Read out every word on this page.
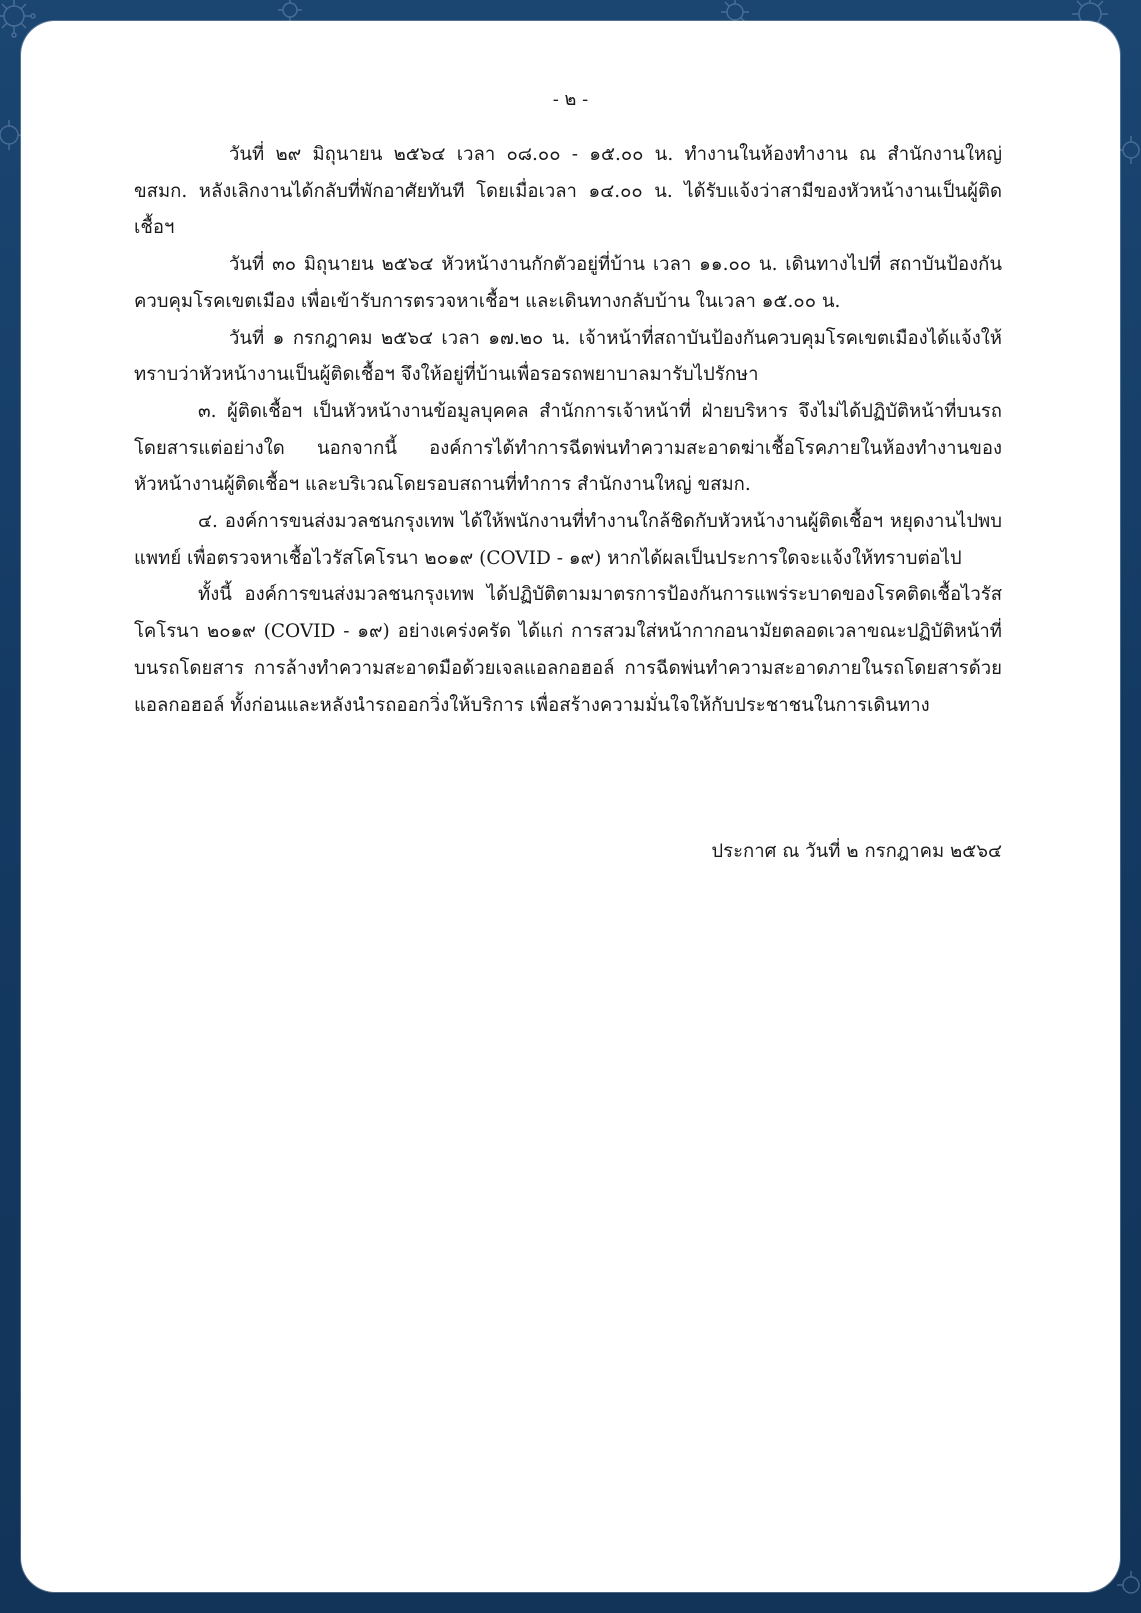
- ๒ -

วันที่ ๒๙ มิถุนายน ๒๕๖๔ เวลา ๐๘.๐๐ - ๑๕.๐๐ น. ทำงานในห้องทำงาน ณ สำนักงานใหญ่ ขสมก. หลังเลิกงานได้กลับที่พักอาศัยทันที โดยเมื่อเวลา ๑๔.๐๐ น. ได้รับแจ้งว่าสามีของหัวหน้างานเป็นผู้ติดเชื้อฯ

วันที่ ๓๐ มิถุนายน ๒๕๖๔ หัวหน้างานกักตัวอยู่ที่บ้าน เวลา ๑๑.๐๐ น. เดินทางไปที่ สถาบันป้องกันควบคุมโรคเขตเมือง เพื่อเข้ารับการตรวจหาเชื้อฯ และเดินทางกลับบ้าน ในเวลา ๑๕.๐๐ น.

วันที่ ๑ กรกฎาคม ๒๕๖๔ เวลา ๑๗.๒๐ น. เจ้าหน้าที่สถาบันป้องกันควบคุมโรคเขตเมืองได้แจ้งให้ทราบว่าหัวหน้างานเป็นผู้ติดเชื้อฯ จึงให้อยู่ที่บ้านเพื่อรอรถพยาบาลมารับไปรักษา

๓. ผู้ติดเชื้อฯ เป็นหัวหน้างานข้อมูลบุคคล สำนักการเจ้าหน้าที่ ฝ่ายบริหาร จึงไม่ได้ปฏิบัติหน้าที่บนรถโดยสารแต่อย่างใด นอกจากนี้ องค์การได้ทำการฉีดพ่นทำความสะอาดฆ่าเชื้อโรคภายในห้องทำงานของหัวหน้างานผู้ติดเชื้อฯ และบริเวณโดยรอบสถานที่ทำการ สำนักงานใหญ่ ขสมก.

๔. องค์การขนส่งมวลชนกรุงเทพ ได้ให้พนักงานที่ทำงานใกล้ชิดกับหัวหน้างานผู้ติดเชื้อฯ หยุดงานไปพบแพทย์ เพื่อตรวจหาเชื้อไวรัสโคโรนา ๒๐๑๙ (COVID - ๑๙) หากได้ผลเป็นประการใดจะแจ้งให้ทราบต่อไป

ทั้งนี้ องค์การขนส่งมวลชนกรุงเทพ ได้ปฏิบัติตามมาตรการป้องกันการแพร่ระบาดของโรคติดเชื้อไวรัสโคโรนา ๒๐๑๙ (COVID - ๑๙) อย่างเคร่งครัด ได้แก่ การสวมใส่หน้ากากอนามัยตลอดเวลาขณะปฏิบัติหน้าที่บนรถโดยสาร การล้างทำความสะอาดมือด้วยเจลแอลกอฮอล์ การฉีดพ่นทำความสะอาดภายในรถโดยสารด้วยแอลกอฮอล์ ทั้งก่อนและหลังนำรถออกวิ่งให้บริการ เพื่อสร้างความมั่นใจให้กับประชาชนในการเดินทาง

ประกาศ ณ วันที่ ๒ กรกฎาคม ๒๕๖๔
